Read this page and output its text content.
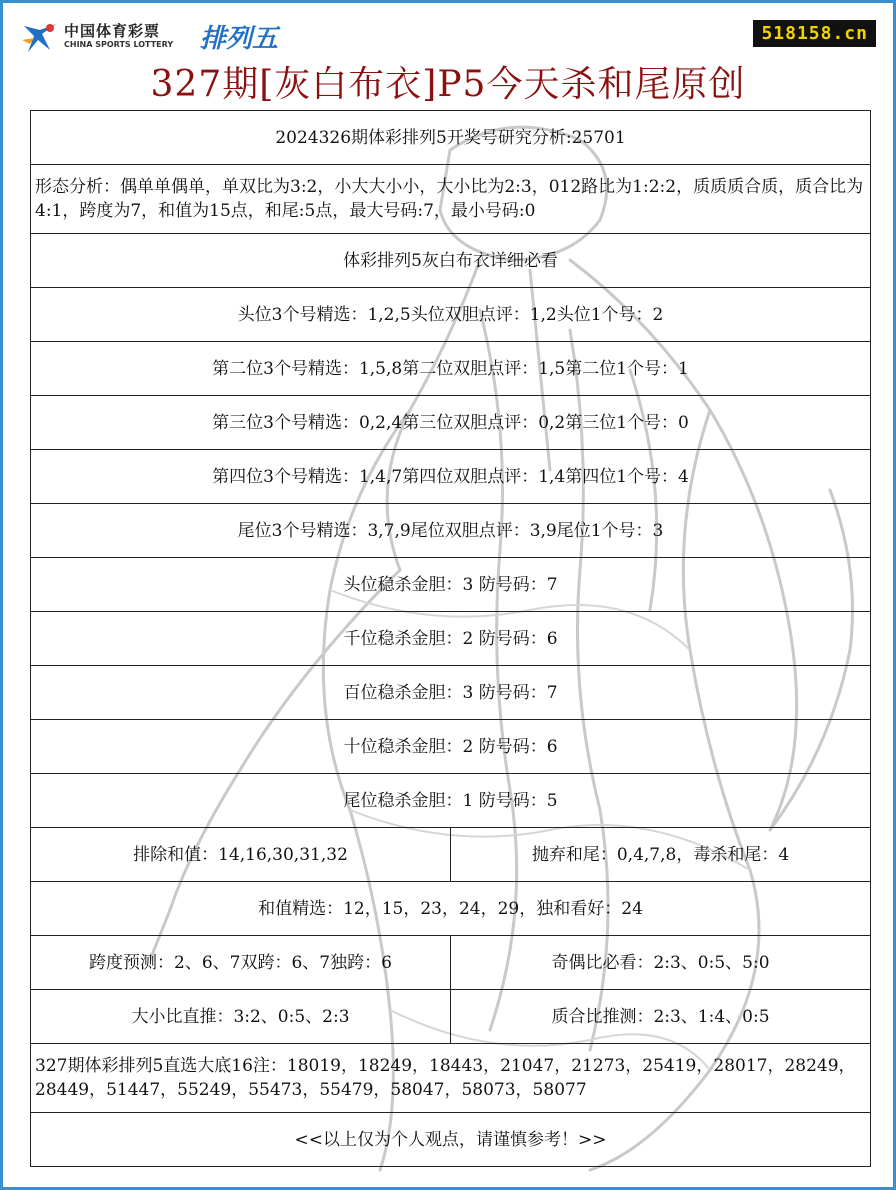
中国体育彩票
CHINA SPORTS LOTTERY 排列五	518158.cn
327期[灰白布衣]P5今天杀和尾原创
2024326期体彩排列5开奖号研究分析:25701	
形态分析：偶单单偶单，单双比为3:2，小大大小小，大小比为2:3，012路比为1:2:2，质质质合质，质合比为4:1，跨度为7，和值为15点，和尾:5点，最大号码:7，最小号码:0	
体彩排列5灰白布衣详细必看	
头位3个号精选：1,2,5头位双胆点评：1,2头位1个号：2	
第二位3个号精选：1,5,8第二位双胆点评：1,5第二位1个号：1	
第三位3个号精选：0,2,4第三位双胆点评：0,2第三位1个号：0	
第四位3个号精选：1,4,7第四位双胆点评：1,4第四位1个号：4	
尾位3个号精选：3,7,9尾位双胆点评：3,9尾位1个号：3	
头位稳杀金胆：3 防号码：7	
千位稳杀金胆：2 防号码：6	
百位稳杀金胆：3 防号码：7	
十位稳杀金胆：2 防号码：6	
尾位稳杀金胆：1 防号码：5	
排除和值：14,16,30,31,32	抛弃和尾：0,4,7,8，毒杀和尾：4
和值精选：12，15，23，24，29，独和看好：24	
跨度预测：2、6、7双跨：6、7独跨：6	奇偶比必看：2:3、0:5、5:0
大小比直推：3:2、0:5、2:3	质合比推测：2:3、1:4、0:5
327期体彩排列5直选大底16注：18019，18249，18443，21047，21273，25419，28017，28249，28449，51447，55249，55473，55479，58047，58073，58077	
<<以上仅为个人观点，请谨慎参考！>>	
